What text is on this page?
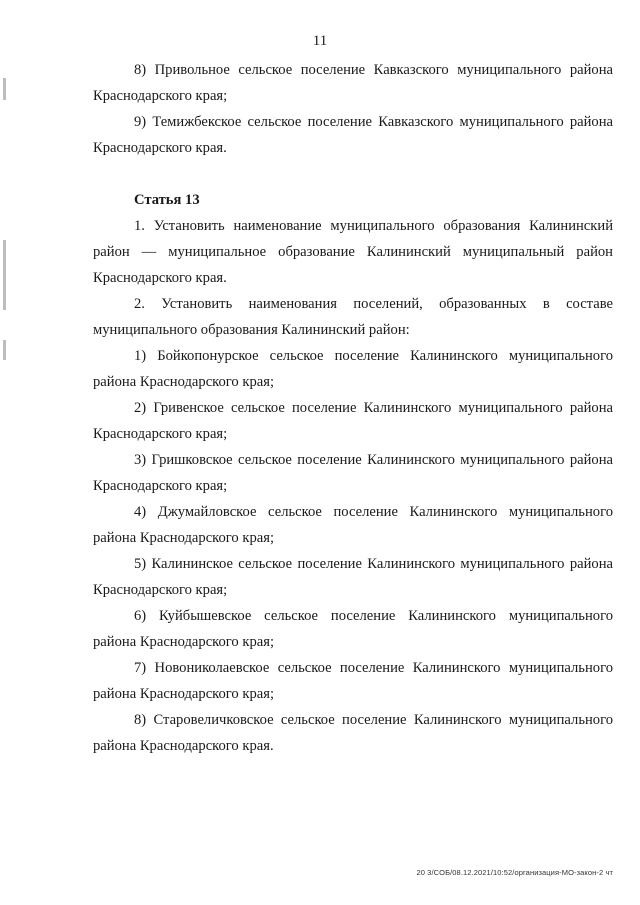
11

8) Привольное сельское поселение Кавказского муниципального района Краснодарского края;

9) Темижбекское сельское поселение Кавказского муниципального района Краснодарского края.

Статья 13

1. Установить наименование муниципального образования Калининский район — муниципальное образование Калининский муниципальный район Краснодарского края.

2. Установить наименования поселений, образованных в составе муниципального образования Калининский район:

1) Бойкопонурское сельское поселение Калининского муниципального района Краснодарского края;

2) Гривенское сельское поселение Калининского муниципального района Краснодарского края;

3) Гришковское сельское поселение Калининского муниципального района Краснодарского края;

4) Джумайловское сельское поселение Калининского муниципального района Краснодарского края;

5) Калининское сельское поселение Калининского муниципального района Краснодарского края;

6) Куйбышевское сельское поселение Калининского муниципального района Краснодарского края;

7) Новониколаевское сельское поселение Калининского муниципального района Краснодарского края;

8) Старовеличковское сельское поселение Калининского муниципального района Краснодарского края.

20 3/COБ/08.12.2021/10:52/организация-МО-закон-2 чт
